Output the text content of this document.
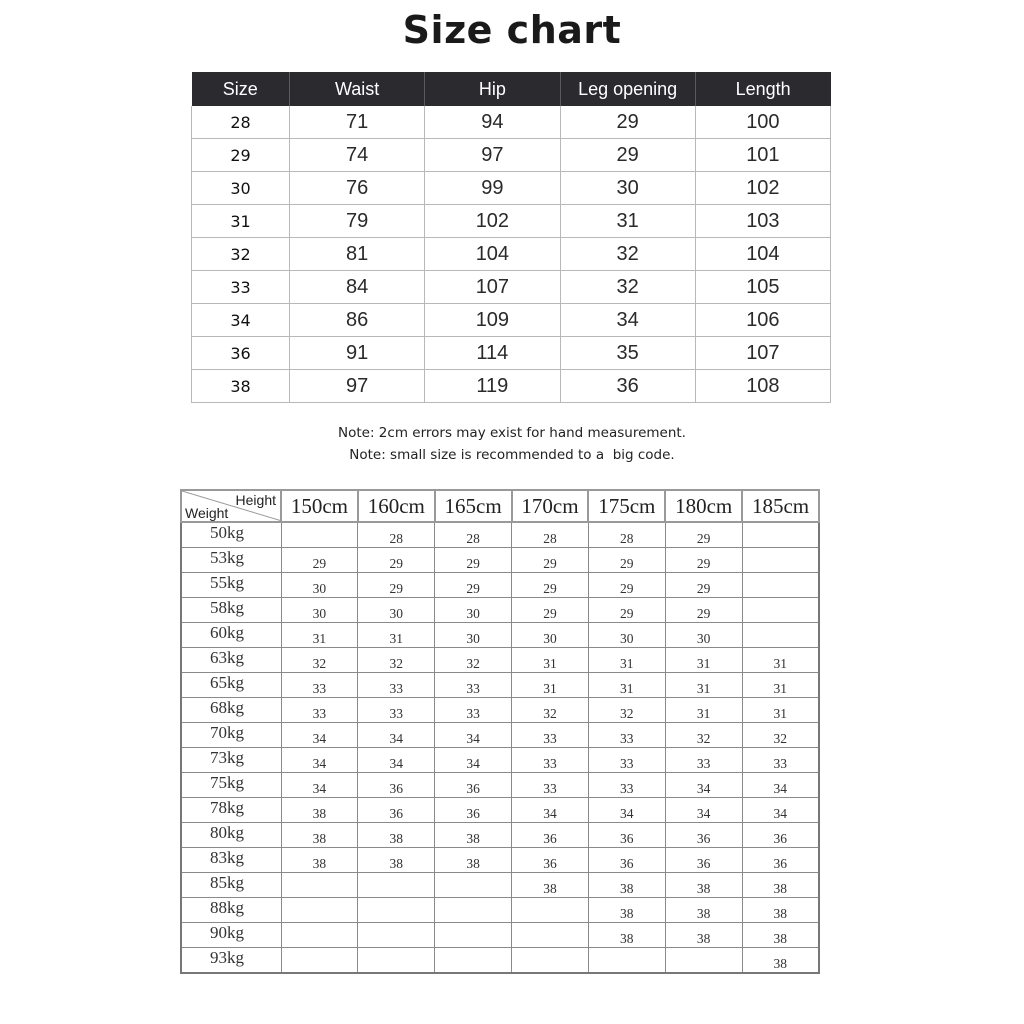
Size chart
Size	Waist	Hip	Leg opening	Length
28	71	94	29	100
29	74	97	29	101
30	76	99	30	102
31	79	102	31	103
32	81	104	32	104
33	84	107	32	105
34	86	109	34	106
36	91	114	35	107
38	97	119	36	108
Note: 2cm errors may exist for hand measurement.
Note: small size is recommended to a  big code.
Height
Weight	150cm	160cm	165cm	170cm	175cm	180cm	185cm
50kg		28	28	28	28	29	
53kg	29	29	29	29	29	29	
55kg	30	29	29	29	29	29	
58kg	30	30	30	29	29	29	
60kg	31	31	30	30	30	30	
63kg	32	32	32	31	31	31	31
65kg	33	33	33	31	31	31	31
68kg	33	33	33	32	32	31	31
70kg	34	34	34	33	33	32	32
73kg	34	34	34	33	33	33	33
75kg	34	36	36	33	33	34	34
78kg	38	36	36	34	34	34	34
80kg	38	38	38	36	36	36	36
83kg	38	38	38	36	36	36	36
85kg				38	38	38	38
88kg					38	38	38
90kg					38	38	38
93kg							38
